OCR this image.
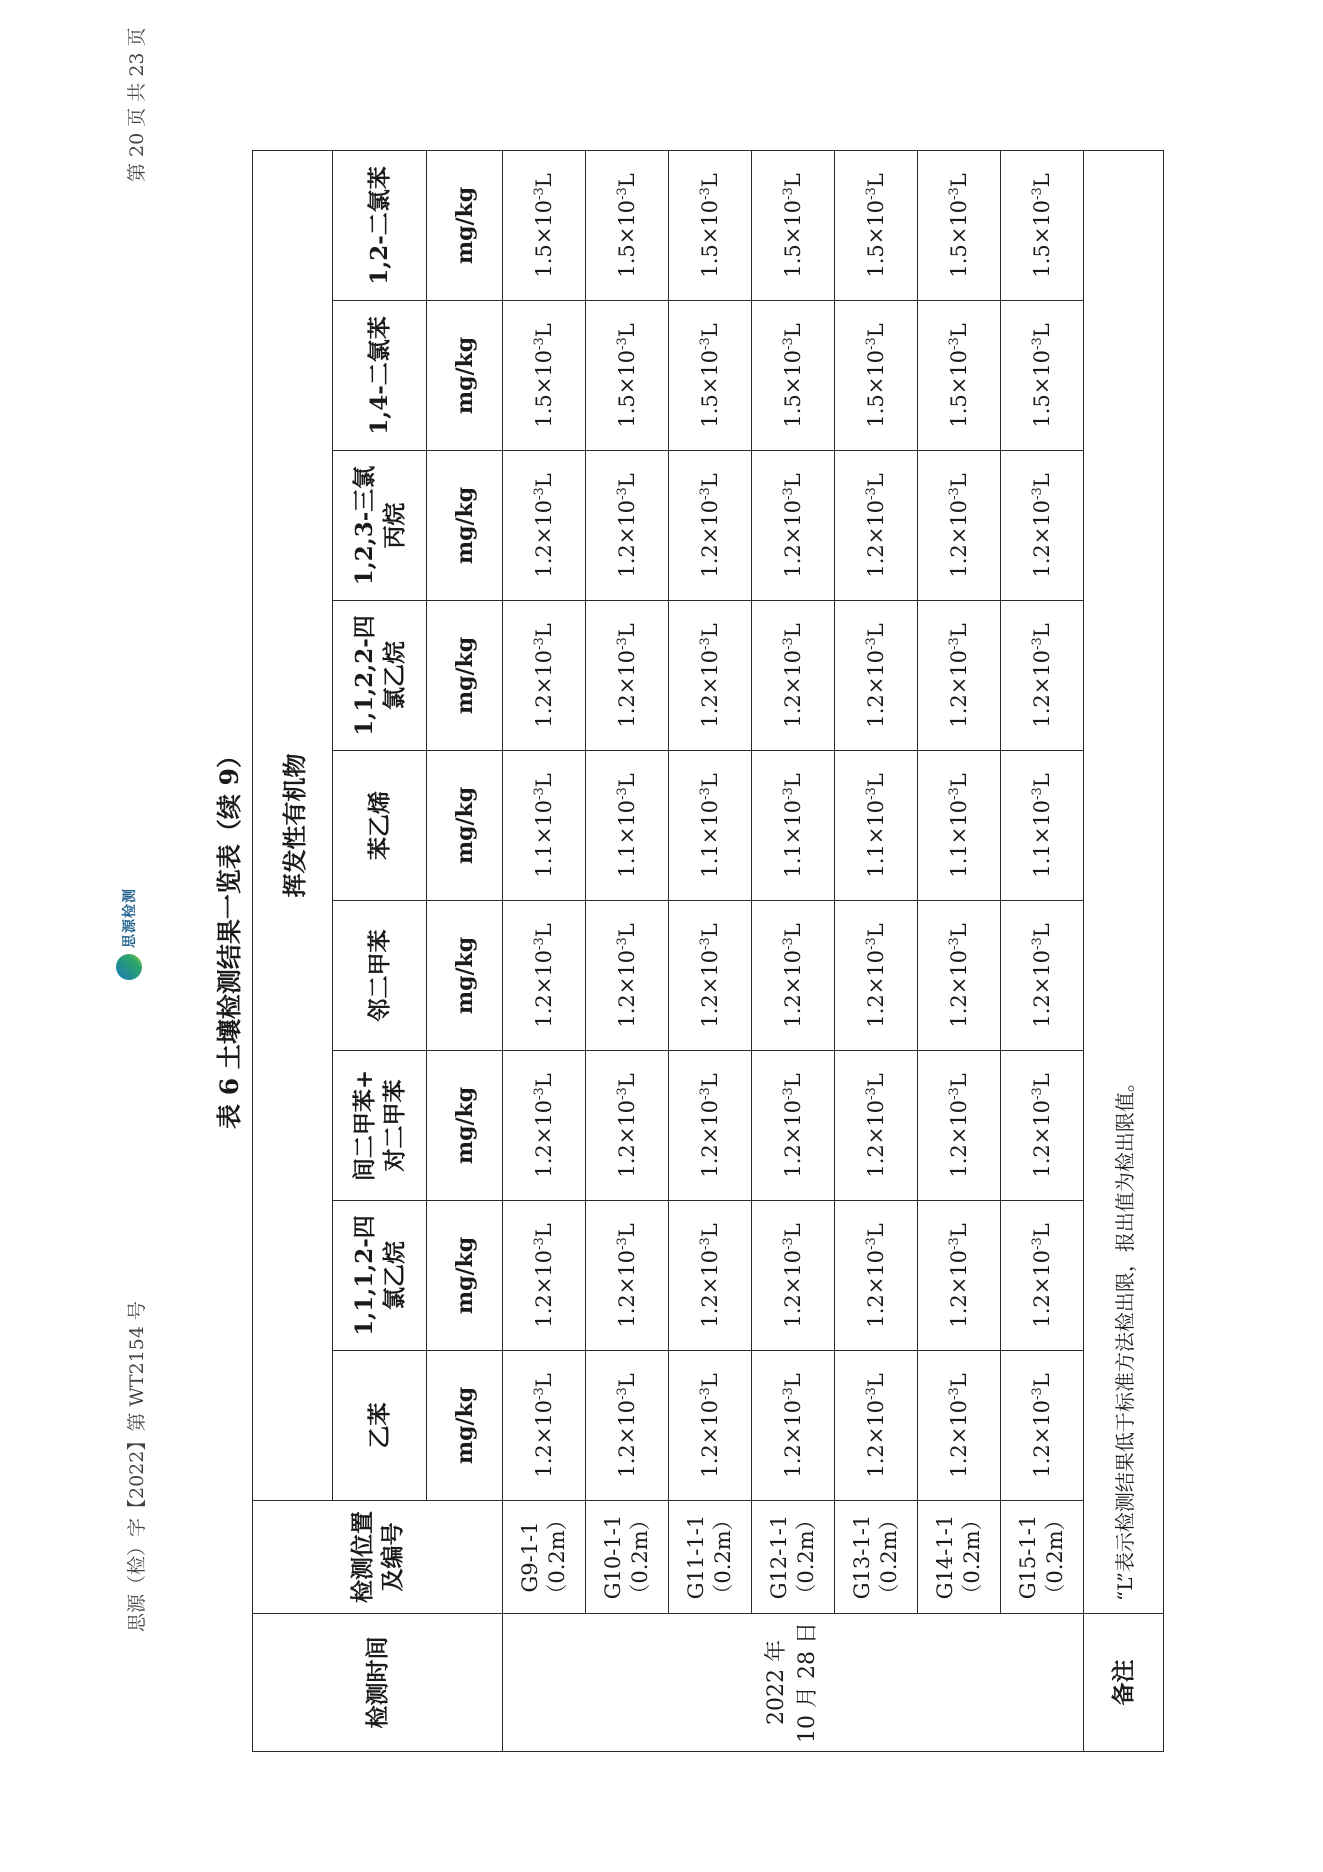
思源（检）字【2022】第 WT2154 号
思源检测
第 20 页 共 23 页
表 6 土壤检测结果一览表（续 9）
检测时间	检测位置及编号	挥发性有机物								
		乙苯	1,1,1,2-四 氯乙烷	间二甲苯+ 对二甲苯	邻二甲苯	苯乙烯	1,1,2,2-四 氯乙烷	1,2,3-三氯 丙烷	1,4-二氯苯	1,2-二氯苯
		mg/kg	mg/kg	mg/kg	mg/kg	mg/kg	mg/kg	mg/kg	mg/kg	mg/kg
2022 年 10 月 28 日	G9-1-1 （0.2m）	$1.2\times 10^{-3}L$	$1.2\times 10^{-3}L$	$1.2\times 10^{-3}L$	$1.2\times 10^{-3}L$	$1.1\times 10^{-3}L$	$1.2\times 10^{-3}L$	$1.2\times 10^{-3}L$	$1.5\times 10^{-3}L$	$1.5\times 10^{-3}L$
	G10-1-1 （0.2m）	$1.2\times 10^{-3}L$	$1.2\times 10^{-3}L$	$1.2\times 10^{-3}L$	$1.2\times 10^{-3}L$	$1.1\times 10^{-3}L$	$1.2\times 10^{-3}L$	$1.2\times 10^{-3}L$	$1.5\times 10^{-3}L$	$1.5\times 10^{-3}L$
	G11-1-1 （0.2m）	$1.2\times 10^{-3}L$	$1.2\times 10^{-3}L$	$1.2\times 10^{-3}L$	$1.2\times 10^{-3}L$	$1.1\times 10^{-3}L$	$1.2\times 10^{-3}L$	$1.2\times 10^{-3}L$	$1.5\times 10^{-3}L$	$1.5\times 10^{-3}L$
	G12-1-1 （0.2m）	$1.2\times 10^{-3}L$	$1.2\times 10^{-3}L$	$1.2\times 10^{-3}L$	$1.2\times 10^{-3}L$	$1.1\times 10^{-3}L$	$1.2\times 10^{-3}L$	$1.2\times 10^{-3}L$	$1.5\times 10^{-3}L$	$1.5\times 10^{-3}L$
	G13-1-1 （0.2m）	$1.2\times 10^{-3}L$	$1.2\times 10^{-3}L$	$1.2\times 10^{-3}L$	$1.2\times 10^{-3}L$	$1.1\times 10^{-3}L$	$1.2\times 10^{-3}L$	$1.2\times 10^{-3}L$	$1.5\times 10^{-3}L$	$1.5\times 10^{-3}L$
	G14-1-1 （0.2m）	$1.2\times 10^{-3}L$	$1.2\times 10^{-3}L$	$1.2\times 10^{-3}L$	$1.2\times 10^{-3}L$	$1.1\times 10^{-3}L$	$1.2\times 10^{-3}L$	$1.2\times 10^{-3}L$	$1.5\times 10^{-3}L$	$1.5\times 10^{-3}L$
	G15-1-1 （0.2m）	$1.2\times 10^{-3}L$	$1.2\times 10^{-3}L$	$1.2\times 10^{-3}L$	$1.2\times 10^{-3}L$	$1.1\times 10^{-3}L$	$1.2\times 10^{-3}L$	$1.2\times 10^{-3}L$	$1.5\times 10^{-3}L$	$1.5\times 10^{-3}L$
备注	“L”表示检测结果低于标准方法检出限，报出值为检出限值。									
